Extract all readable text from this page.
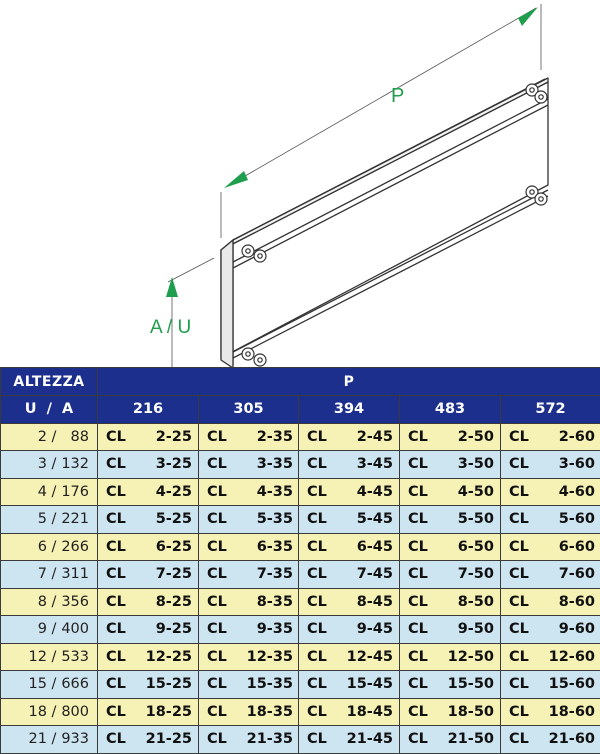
P
A / U
ALTEZZA	P				
U  /  A	216	305	394	483	572
2 / 88	CL 2-25	CL 2-35	CL 2-45	CL 2-50	CL 2-60
3 / 132	CL 3-25	CL 3-35	CL 3-45	CL 3-50	CL 3-60
4 / 176	CL 4-25	CL 4-35	CL 4-45	CL 4-50	CL 4-60
5 / 221	CL 5-25	CL 5-35	CL 5-45	CL 5-50	CL 5-60
6 / 266	CL 6-25	CL 6-35	CL 6-45	CL 6-50	CL 6-60
7 / 311	CL 7-25	CL 7-35	CL 7-45	CL 7-50	CL 7-60
8 / 356	CL 8-25	CL 8-35	CL 8-45	CL 8-50	CL 8-60
9 / 400	CL 9-25	CL 9-35	CL 9-45	CL 9-50	CL 9-60
12 / 533	CL 12-25	CL 12-35	CL 12-45	CL 12-50	CL 12-60
15 / 666	CL 15-25	CL 15-35	CL 15-45	CL 15-50	CL 15-60
18 / 800	CL 18-25	CL 18-35	CL 18-45	CL 18-50	CL 18-60
21 / 933	CL 21-25	CL 21-35	CL 21-45	CL 21-50	CL 21-60
